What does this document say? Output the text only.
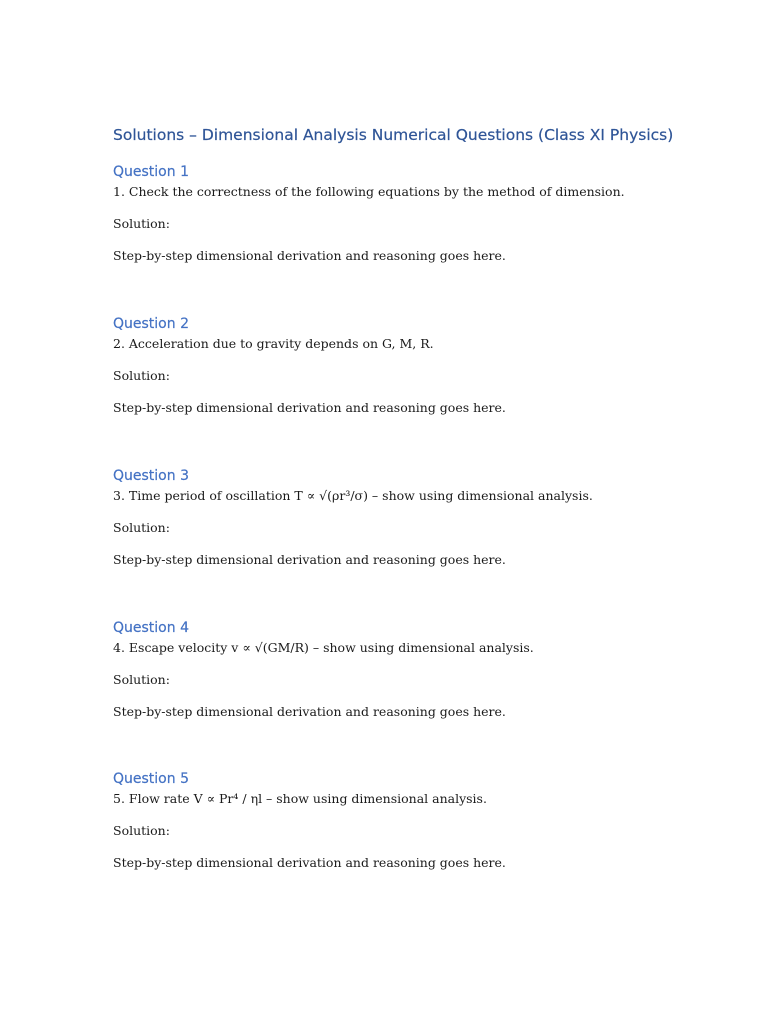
Solutions – Dimensional Analysis Numerical Questions (Class XI Physics)
Question 1

1. Check the correctness of the following equations by the method of dimension.

Solution:

Step-by-step dimensional derivation and reasoning goes here.

Question 2

2. Acceleration due to gravity depends on G, M, R.

Solution:

Step-by-step dimensional derivation and reasoning goes here.

Question 3

3. Time period of oscillation T ∝ √(ρr³/σ) – show using dimensional analysis.

Solution:

Step-by-step dimensional derivation and reasoning goes here.

Question 4

4. Escape velocity v ∝ √(GM/R) – show using dimensional analysis.

Solution:

Step-by-step dimensional derivation and reasoning goes here.

Question 5

5. Flow rate V ∝ Pr⁴ / ηl – show using dimensional analysis.

Solution:

Step-by-step dimensional derivation and reasoning goes here.
